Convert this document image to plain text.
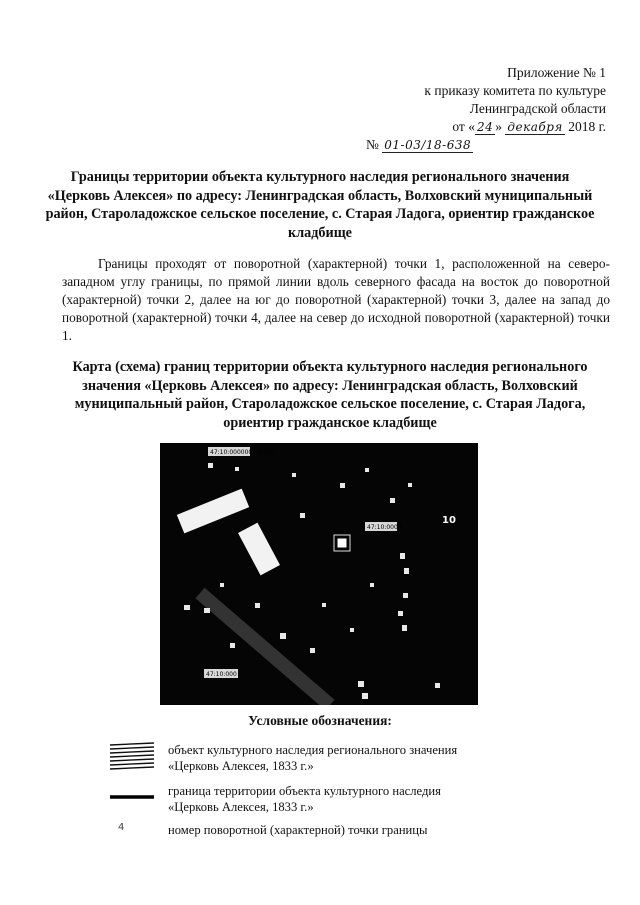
Приложение № 1
к приказу комитета по культуре
Ленинградской области
от « 24 » декабря 2018 г.
№ 01-03/18-638
Границы территории объекта культурного наследия регионального значения «Церковь Алексея» по адресу: Ленинградская область, Волховский муниципальный район, Староладожское сельское поселение, с. Старая Ладога, ориентир гражданское кладбище
Границы проходят от поворотной (характерной) точки 1, расположенной на северо-западном углу границы, по прямой линии вдоль северного фасада на восток до поворотной (характерной) точки 2, далее на юг до поворотной (характерной) точки 3, далее на запад до поворотной (характерной) точки 4, далее на север до исходной поворотной (характерной) точки 1.
Карта (схема) границ территории объекта культурного наследия регионального значения «Церковь Алексея» по адресу: Ленинградская область, Волховский муниципальный район, Староладожское сельское поселение, с. Старая Ладога, ориентир гражданское кладбище
47:10:0000000:0000
47:10:0000
47:10:000
10
Условные обозначения:
объект культурного наследия регионального значения
«Церковь Алексея, 1833 г.»
граница территории объекта культурного наследия
«Церковь Алексея, 1833 г.»
4	номер поворотной (характерной) точки границы
